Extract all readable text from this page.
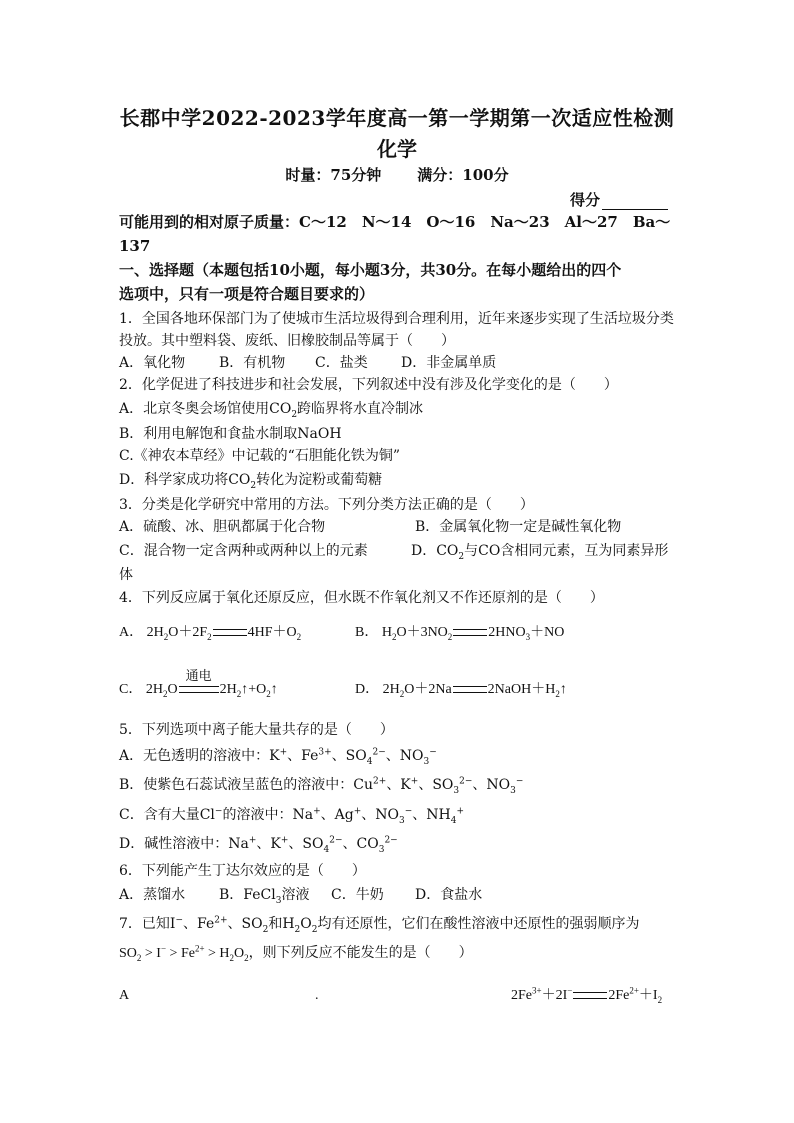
长郡中学2022-2023学年度高一第一学期第一次适应性检测
化学
时量：75分钟 满分：100分
得分
可能用到的相对原子质量：C～12　N～14　O～16　Na～23　Al～27　Ba～
137
一、选择题（本题包括10小题，每小题3分，共30分。在每小题给出的四个
选项中，只有一项是符合题目要求的）
1．全国各地环保部门为了使城市生活垃圾得到合理利用，近年来逐步实现了生活垃圾分类
投放。其中塑料袋、废纸、旧橡胶制品等属于（　　）
A．氧化物 B．有机物 C．盐类 D．非金属单质
2．化学促进了科技进步和社会发展，下列叙述中没有涉及化学变化的是（　　）
A．北京冬奥会场馆使用$CO_2$跨临界将水直冷制冰
B．利用电解饱和食盐水制取NaOH
C.《神农本草经》中记载的“石胆能化铁为铜”
D．科学家成功将$CO_2$转化为淀粉或葡萄糖
3．分类是化学研究中常用的方法。下列分类方法正确的是（　　）
A．硫酸、冰、胆矾都属于化合物	B．金属氧化物一定是碱性氧化物
C．混合物一定含两种或两种以上的元素	D．$CO_2$与CO含相同元素，互为同素异形
体
4．下列反应属于氧化还原反应，但水既不作氧化剂又不作还原剂的是（　　）
A． $2H_2O+2F_2$	$4HF+O_2$	B． $H_2O+3NO_2$	$2HNO_3+NO$
C． $2H_2O$
通电
$2H_2↑+O_2↑$	D． $2H_2O+2Na$	$2NaOH+H_2↑$
5．下列选项中离子能大量共存的是（　　）
A．无色透明的溶液中：K+、$Fe^{3+}$、$SO_4^{2-}$、$NO_3^-$
B．使紫色石蕊试液呈蓝色的溶液中：$Cu^{2+}$、K+、$SO_3^{2-}$、$NO_3^-$
C．含有大量Cl−的溶液中：Na+、Ag+、$NO_3^-$、$NH_4^+$
D．碱性溶液中：Na+、K+、$SO_4^{2-}$、$CO_3^{2-}$
6．下列能产生丁达尔效应的是（　　）
A．蒸馏水 B．FeCl$_3$溶液 C．牛奶 D．食盐水
7．已知I−、$Fe^{2+}$、$SO_2$和$H_2O_2$均有还原性，它们在酸性溶液中还原性的强弱顺序为
$SO_2 > I^- > Fe^{2+} > H_2O_2$，则下列反应不能发生的是（　　）
A	.	$2Fe^{3+}+2I^-$	$2Fe^{2+}+I_2$
